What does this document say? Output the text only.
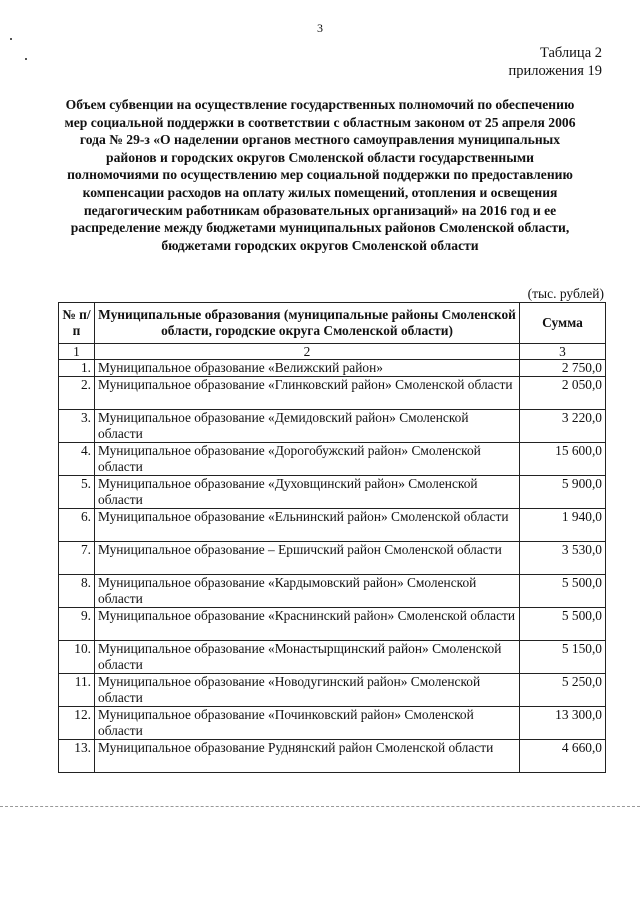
3
Таблица 2
приложения 19
Объем субвенции на осуществление государственных полномочий по обеспечению мер социальной поддержки в соответствии с областным законом от 25 апреля 2006 года № 29-з «О наделении органов местного самоуправления муниципальных районов и городских округов Смоленской области государственными полномочиями по осуществлению мер социальной поддержки по предоставлению компенсации расходов на оплату жилых помещений, отопления и освещения педагогическим работникам образовательных организаций» на 2016 год и ее распределение между бюджетами муниципальных районов Смоленской области, бюджетами городских округов Смоленской области
(тыс. рублей)
№ п/п	Муниципальные образования (муниципальные районы Смоленской области, городские округа Смоленской области)	Сумма
1	2	3
1.	Муниципальное образование «Велижский район»	2 750,0
2.	Муниципальное образование «Глинковский район» Смоленской области	2 050,0
3.	Муниципальное образование «Демидовский район» Смоленской области	3 220,0
4.	Муниципальное образование «Дорогобужский район» Смоленской области	15 600,0
5.	Муниципальное образование «Духовщинский район» Смоленской области	5 900,0
6.	Муниципальное образование «Ельнинский район» Смоленской области	1 940,0
7.	Муниципальное образование – Ершичский район Смоленской области	3 530,0
8.	Муниципальное образование «Кардымовский район» Смоленской области	5 500,0
9.	Муниципальное образование «Краснинский район» Смоленской области	5 500,0
10.	Муниципальное образование «Монастырщинский район» Смоленской области	5 150,0
11.	Муниципальное образование «Новодугинский район» Смоленской области	5 250,0
12.	Муниципальное образование «Починковский район» Смоленской области	13 300,0
13.	Муниципальное образование Руднянский район Смоленской области	4 660,0
